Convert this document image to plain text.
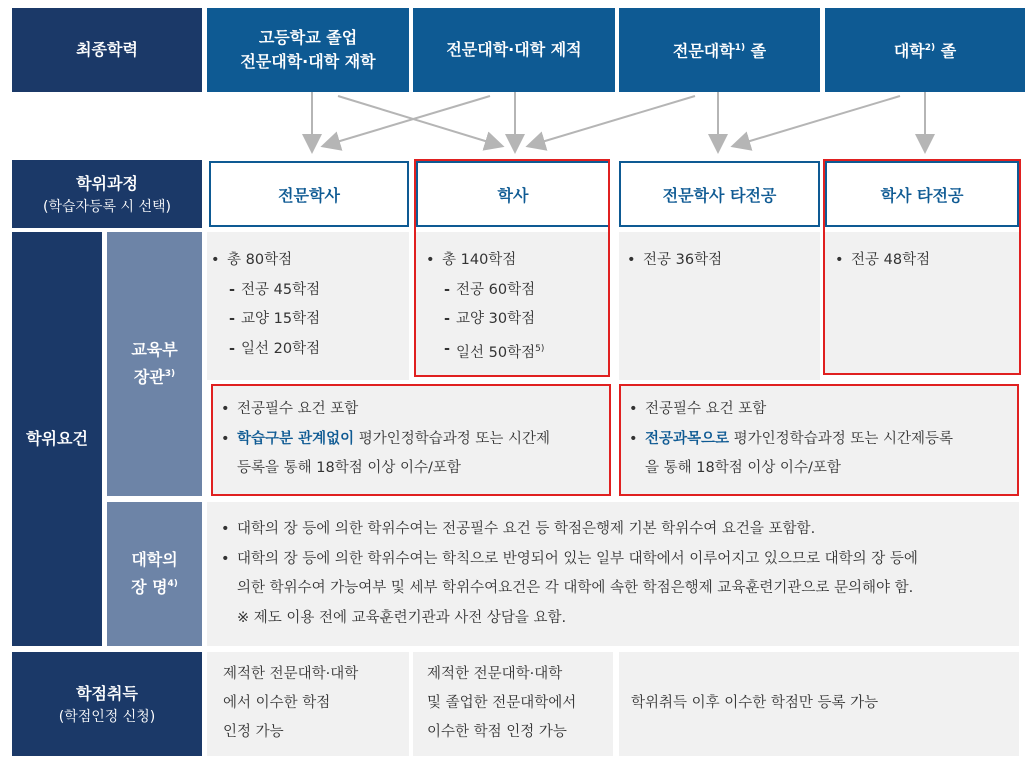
최종학력
고등학교 졸업
전문대학·대학 재학
전문대학·대학 제적	전문대학$^{1)}$ 졸	대학$^{2)}$ 졸
학위과정
(학습자등록 시 선택)
전문학사	학사	전문학사 타전공	학사 타전공
학위요건
교육부
장관$^{3)}$
• 총 80학점
- 전공 45학점
- 교양 15학점
- 일선 20학점
• 총 140학점
- 전공 60학점
- 교양 30학점
- 일선 50학점$^{5)}$
• 전공 36학점
•	전공 48학점
• 전공필수 요건 포함
• 학습구분 관계없이 평가인정학습과정 또는 시간제
등록을 통해 18학점 이상 이수/포함
• 전공필수 요건 포함
• 전공과목으로 평가인정학습과정 또는 시간제등록
을 통해 18학점 이상 이수/포함
대학의
장 명$^{4)}$
• 대학의 장 등에 의한 학위수여는 전공필수 요건 등 학점은행제 기본 학위수여 요건을 포함함.
• 대학의 장 등에 의한 학위수여는 학칙으로 반영되어 있는 일부 대학에서 이루어지고 있으므로 대학의 장 등에
의한 학위수여 가능여부 및 세부 학위수여요건은 각 대학에 속한 학점은행제 교육훈련기관으로 문의해야 함.
※ 제도 이용 전에 교육훈련기관과 사전 상담을 요함.
학점취득
(학점인정 신청)
제적한 전문대학·대학
에서 이수한 학점
인정 가능
제적한 전문대학·대학
및 졸업한 전문대학에서
이수한 학점 인정 가능
학위취득 이후 이수한 학점만 등록 가능
